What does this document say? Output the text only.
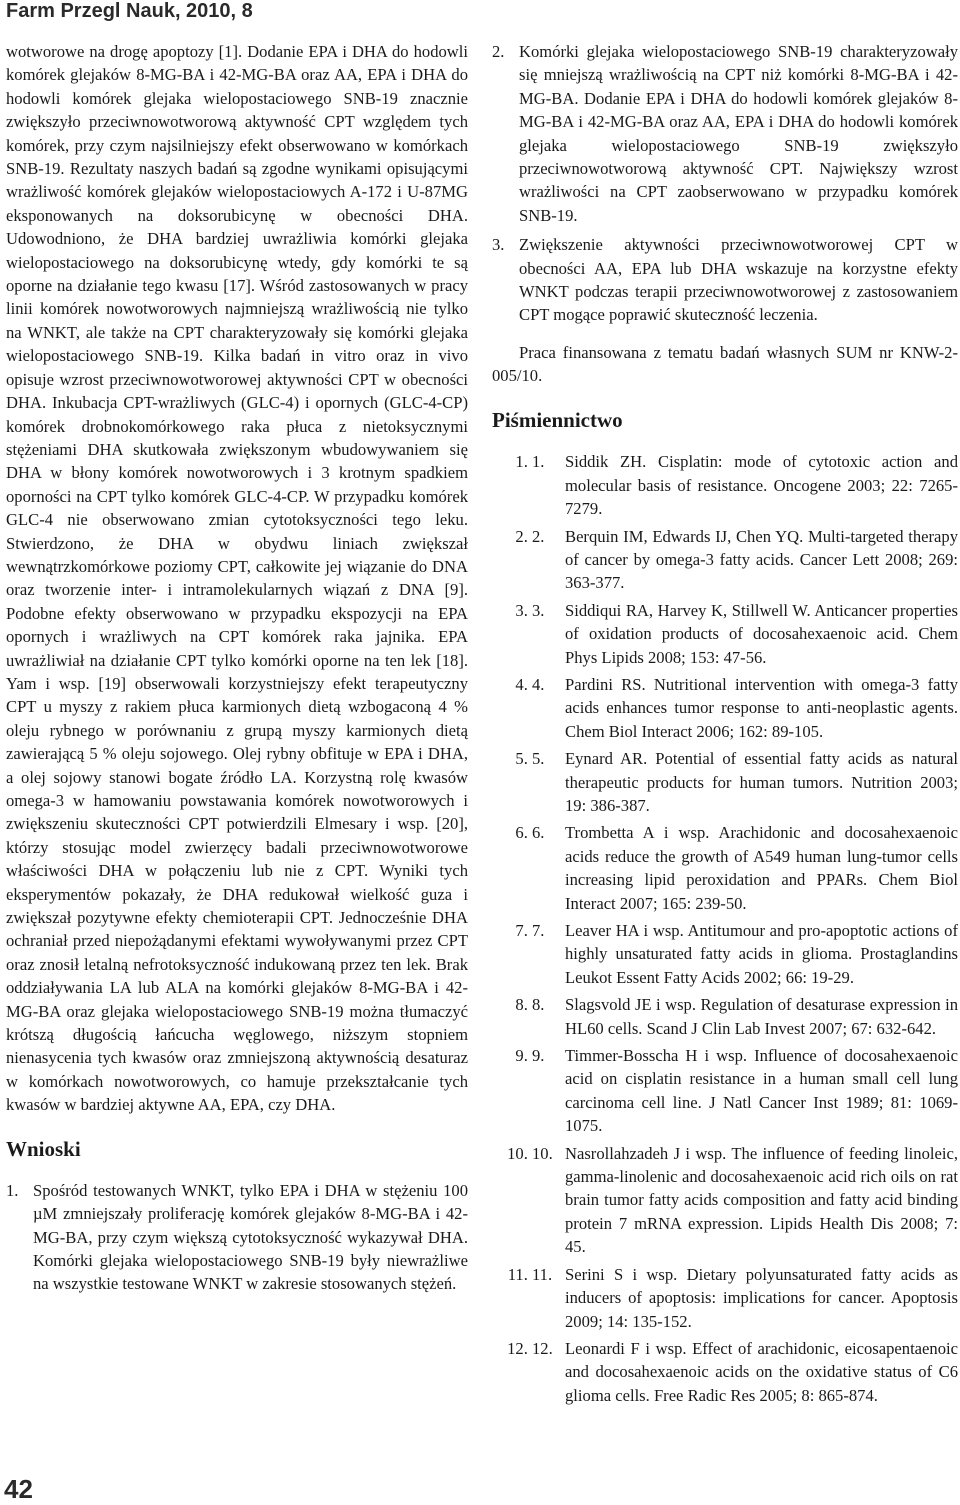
Farm Przegl Nauk, 2010, 8

wotworowe na drogę apoptozy [1]. Dodanie EPA i DHA do hodowli komórek glejaków 8-MG-BA i 42-MG-BA oraz AA, EPA i DHA do hodowli komórek glejaka wielopostaciowego SNB-19 znacznie zwiększyło przeciwnowotworową aktywność CPT względem tych komórek, przy czym najsilniejszy efekt obserwowano w komórkach SNB-19. Rezultaty naszych badań są zgodne wynikami opisującymi wrażliwość komórek glejaków wielopostaciowych A-172 i U-87MG eksponowanych na doksorubicynę w obecności DHA. Udowodniono, że DHA bardziej uwrażliwia komórki glejaka wielopostaciowego na doksorubicynę wtedy, gdy komórki te są oporne na działanie tego kwasu [17]. Wśród zastosowanych w pracy linii komórek nowotworowych najmniejszą wrażliwością nie tylko na WNKT, ale także na CPT charakteryzowały się komórki glejaka wielopostaciowego SNB-19. Kilka badań in vitro oraz in vivo opisuje wzrost przeciwnowotworowej aktywności CPT w obecności DHA. Inkubacja CPT-wrażliwych (GLC-4) i opornych (GLC-4-CP) komórek drobnokomórkowego raka płuca z nietoksycznymi stężeniami DHA skutkowała zwiększonym wbudowywaniem się DHA w błony komórek nowotworowych i 3 krotnym spadkiem oporności na CPT tylko komórek GLC-4-CP. W przypadku komórek GLC-4 nie obserwowano zmian cytotoksyczności tego leku. Stwierdzono, że DHA w obydwu liniach zwiększał wewnątrzkomórkowe poziomy CPT, całkowite jej wiązanie do DNA oraz tworzenie inter- i intramolekularnych wiązań z DNA [9]. Podobne efekty obserwowano w przypadku ekspozycji na EPA opornych i wrażliwych na CPT komórek raka jajnika. EPA uwrażliwiał na działanie CPT tylko komórki oporne na ten lek [18]. Yam i wsp. [19] obserwowali korzystniejszy efekt terapeutyczny CPT u myszy z rakiem płuca karmionych dietą wzbogaconą 4 % oleju rybnego w porównaniu z grupą myszy karmionych dietą zawierającą 5 % oleju sojowego. Olej rybny obfituje w EPA i DHA, a olej sojowy stanowi bogate źródło LA. Korzystną rolę kwasów omega-3 w hamowaniu powstawania komórek nowotworowych i zwiększeniu skuteczności CPT potwierdzili Elmesary i wsp. [20], którzy stosując model zwierzęcy badali przeciwnowotworowe właściwości DHA w połączeniu lub nie z CPT. Wyniki tych eksperymentów pokazały, że DHA redukował wielkość guza i zwiększał pozytywne efekty chemioterapii CPT. Jednocześnie DHA ochraniał przed niepożądanymi efektami wywoływanymi przez CPT oraz znosił letalną nefrotoksyczność indukowaną przez ten lek. Brak oddziaływania LA lub ALA na komórki glejaków 8-MG-BA i 42-MG-BA oraz glejaka wielopostaciowego SNB-19 można tłumaczyć krótszą długością łańcucha węglowego, niższym stopniem nienasycenia tych kwasów oraz zmniejszoną aktywnością desaturaz w komórkach nowotworowych, co hamuje przekształcanie tych kwasów w bardziej aktywne AA, EPA, czy DHA.

Wnioski
1. Spośród testowanych WNKT, tylko EPA i DHA w stężeniu 100 µM zmniejszały proliferację komórek glejaków 8-MG-BA i 42-MG-BA, przy czym większą cytotoksyczność wykazywał DHA. Komórki glejaka wielopostaciowego SNB-19 były niewrażliwe na wszystkie testowane WNKT w zakresie stosowanych stężeń.
2. Komórki glejaka wielopostaciowego SNB-19 charakteryzowały się mniejszą wrażliwością na CPT niż komórki 8-MG-BA i 42-MG-BA. Dodanie EPA i DHA do hodowli komórek glejaków 8-MG-BA i 42-MG-BA oraz AA, EPA i DHA do hodowli komórek glejaka wielopostaciowego SNB-19 zwiększyło przeciwnowotworową aktywność CPT. Największy wzrost wrażliwości na CPT zaobserwowano w przypadku komórek SNB-19.
3. Zwiększenie aktywności przeciwnowotworowej CPT w obecności AA, EPA lub DHA wskazuje na korzystne efekty WNKT podczas terapii przeciwnowotworowej z zastosowaniem CPT mogące poprawić skuteczność leczenia.

Praca finansowana z tematu badań własnych SUM nr KNW-2-005/10.

Piśmiennictwo
1. 1. Siddik ZH. Cisplatin: mode of cytotoxic action and molecular basis of resistance. Oncogene 2003; 22: 7265-7279.
2. 2. Berquin IM, Edwards IJ, Chen YQ. Multi-targeted therapy of cancer by omega-3 fatty acids. Cancer Lett 2008; 269: 363-377.
3. 3. Siddiqui RA, Harvey K, Stillwell W. Anticancer properties of oxidation products of docosahexaenoic acid. Chem Phys Lipids 2008; 153: 47-56.
4. 4. Pardini RS. Nutritional intervention with omega-3 fatty acids enhances tumor response to anti-neoplastic agents. Chem Biol Interact 2006; 162: 89-105.
5. 5. Eynard AR. Potential of essential fatty acids as natural therapeutic products for human tumors. Nutrition 2003; 19: 386-387.
6. 6. Trombetta A i wsp. Arachidonic and docosahexaenoic acids reduce the growth of A549 human lung-tumor cells increasing lipid peroxidation and PPARs. Chem Biol Interact 2007; 165: 239-50.
7. 7. Leaver HA i wsp. Antitumour and pro-apoptotic actions of highly unsaturated fatty acids in glioma. Prostaglandins Leukot Essent Fatty Acids 2002; 66: 19-29.
8. 8. Slagsvold JE i wsp. Regulation of desaturase expression in HL60 cells. Scand J Clin Lab Invest 2007; 67: 632-642.
9. 9. Timmer-Bosscha H i wsp. Influence of docosahexaenoic acid on cisplatin resistance in a human small cell lung carcinoma cell line. J Natl Cancer Inst 1989; 81: 1069-1075.
10. 10. Nasrollahzadeh J i wsp. The influence of feeding linoleic, gamma-linolenic and docosahexaenoic acid rich oils on rat brain tumor fatty acids composition and fatty acid binding protein 7 mRNA expression. Lipids Health Dis 2008; 7: 45.
11. 11. Serini S i wsp. Dietary polyunsaturated fatty acids as inducers of apoptosis: implications for cancer. Apoptosis 2009; 14: 135-152.
12. 12. Leonardi F i wsp. Effect of arachidonic, eicosapentaenoic and docosahexaenoic acids on the oxidative status of C6 glioma cells. Free Radic Res 2005; 8: 865-874.
42
